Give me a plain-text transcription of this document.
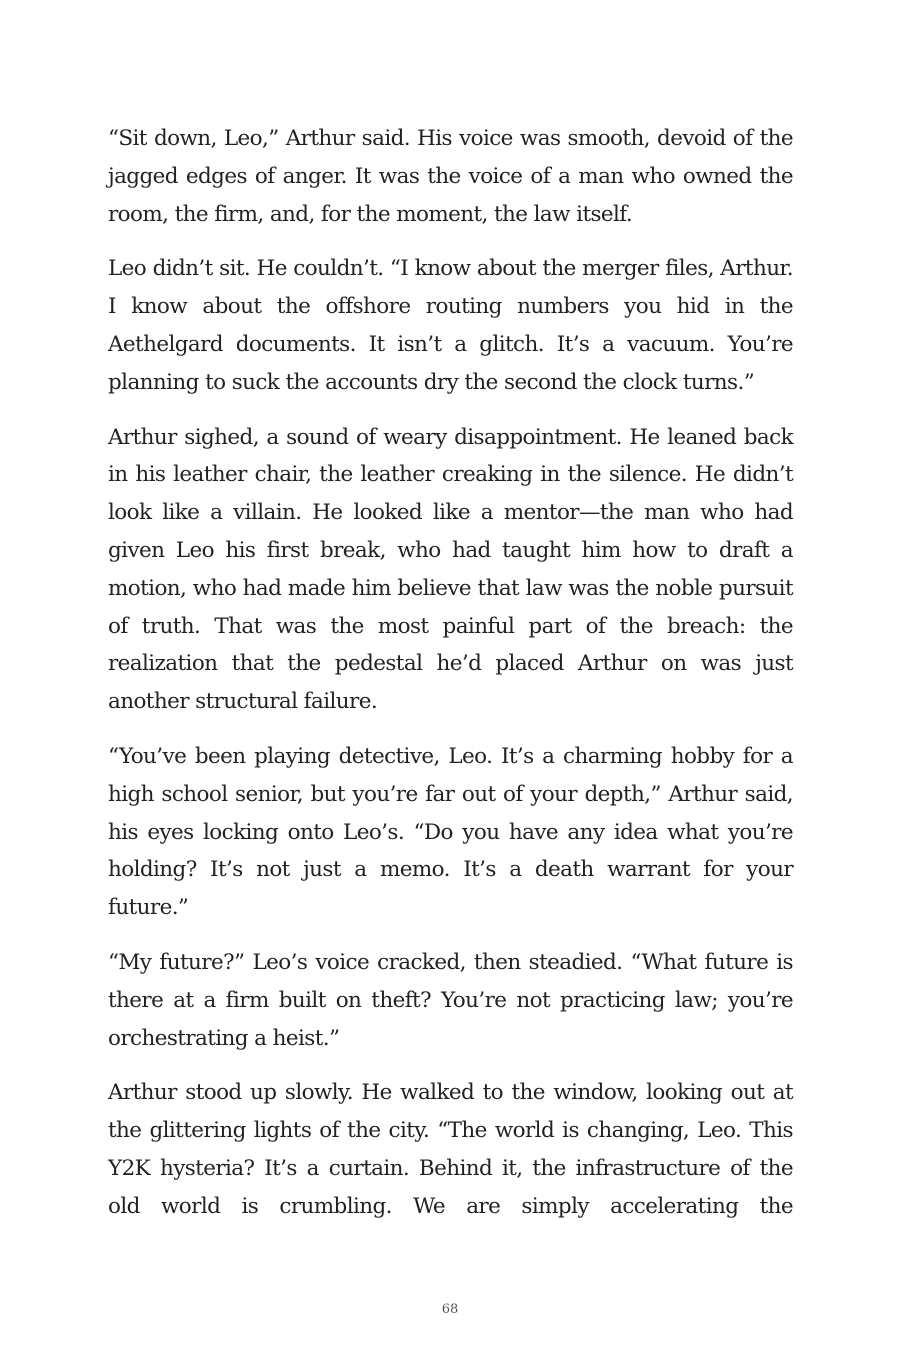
“Sit down, Leo,” Arthur said. His voice was smooth, devoid of the jagged edges of anger. It was the voice of a man who owned the room, the firm, and, for the moment, the law itself.

Leo didn’t sit. He couldn’t. “I know about the merger files, Arthur. I know about the offshore routing numbers you hid in the Aethelgard documents. It isn’t a glitch. It’s a vacuum. You’re planning to suck the accounts dry the second the clock turns.”

Arthur sighed, a sound of weary disappointment. He leaned back in his leather chair, the leather creaking in the silence. He didn’t look like a villain. He looked like a mentor—the man who had given Leo his first break, who had taught him how to draft a motion, who had made him believe that law was the noble pursuit of truth. That was the most painful part of the breach: the realization that the pedestal he’d placed Arthur on was just another structural failure.

“You’ve been playing detective, Leo. It’s a charming hobby for a high school senior, but you’re far out of your depth,” Arthur said, his eyes locking onto Leo’s. “Do you have any idea what you’re holding? It’s not just a memo. It’s a death warrant for your future.”

“My future?” Leo’s voice cracked, then steadied. “What future is there at a firm built on theft? You’re not practicing law; you’re orchestrating a heist.”

Arthur stood up slowly. He walked to the window, looking out at the glittering lights of the city. “The world is changing, Leo. This Y2K hysteria? It’s a curtain. Behind it, the infrastructure of the old world is crumbling. We are simply accelerating the

68
